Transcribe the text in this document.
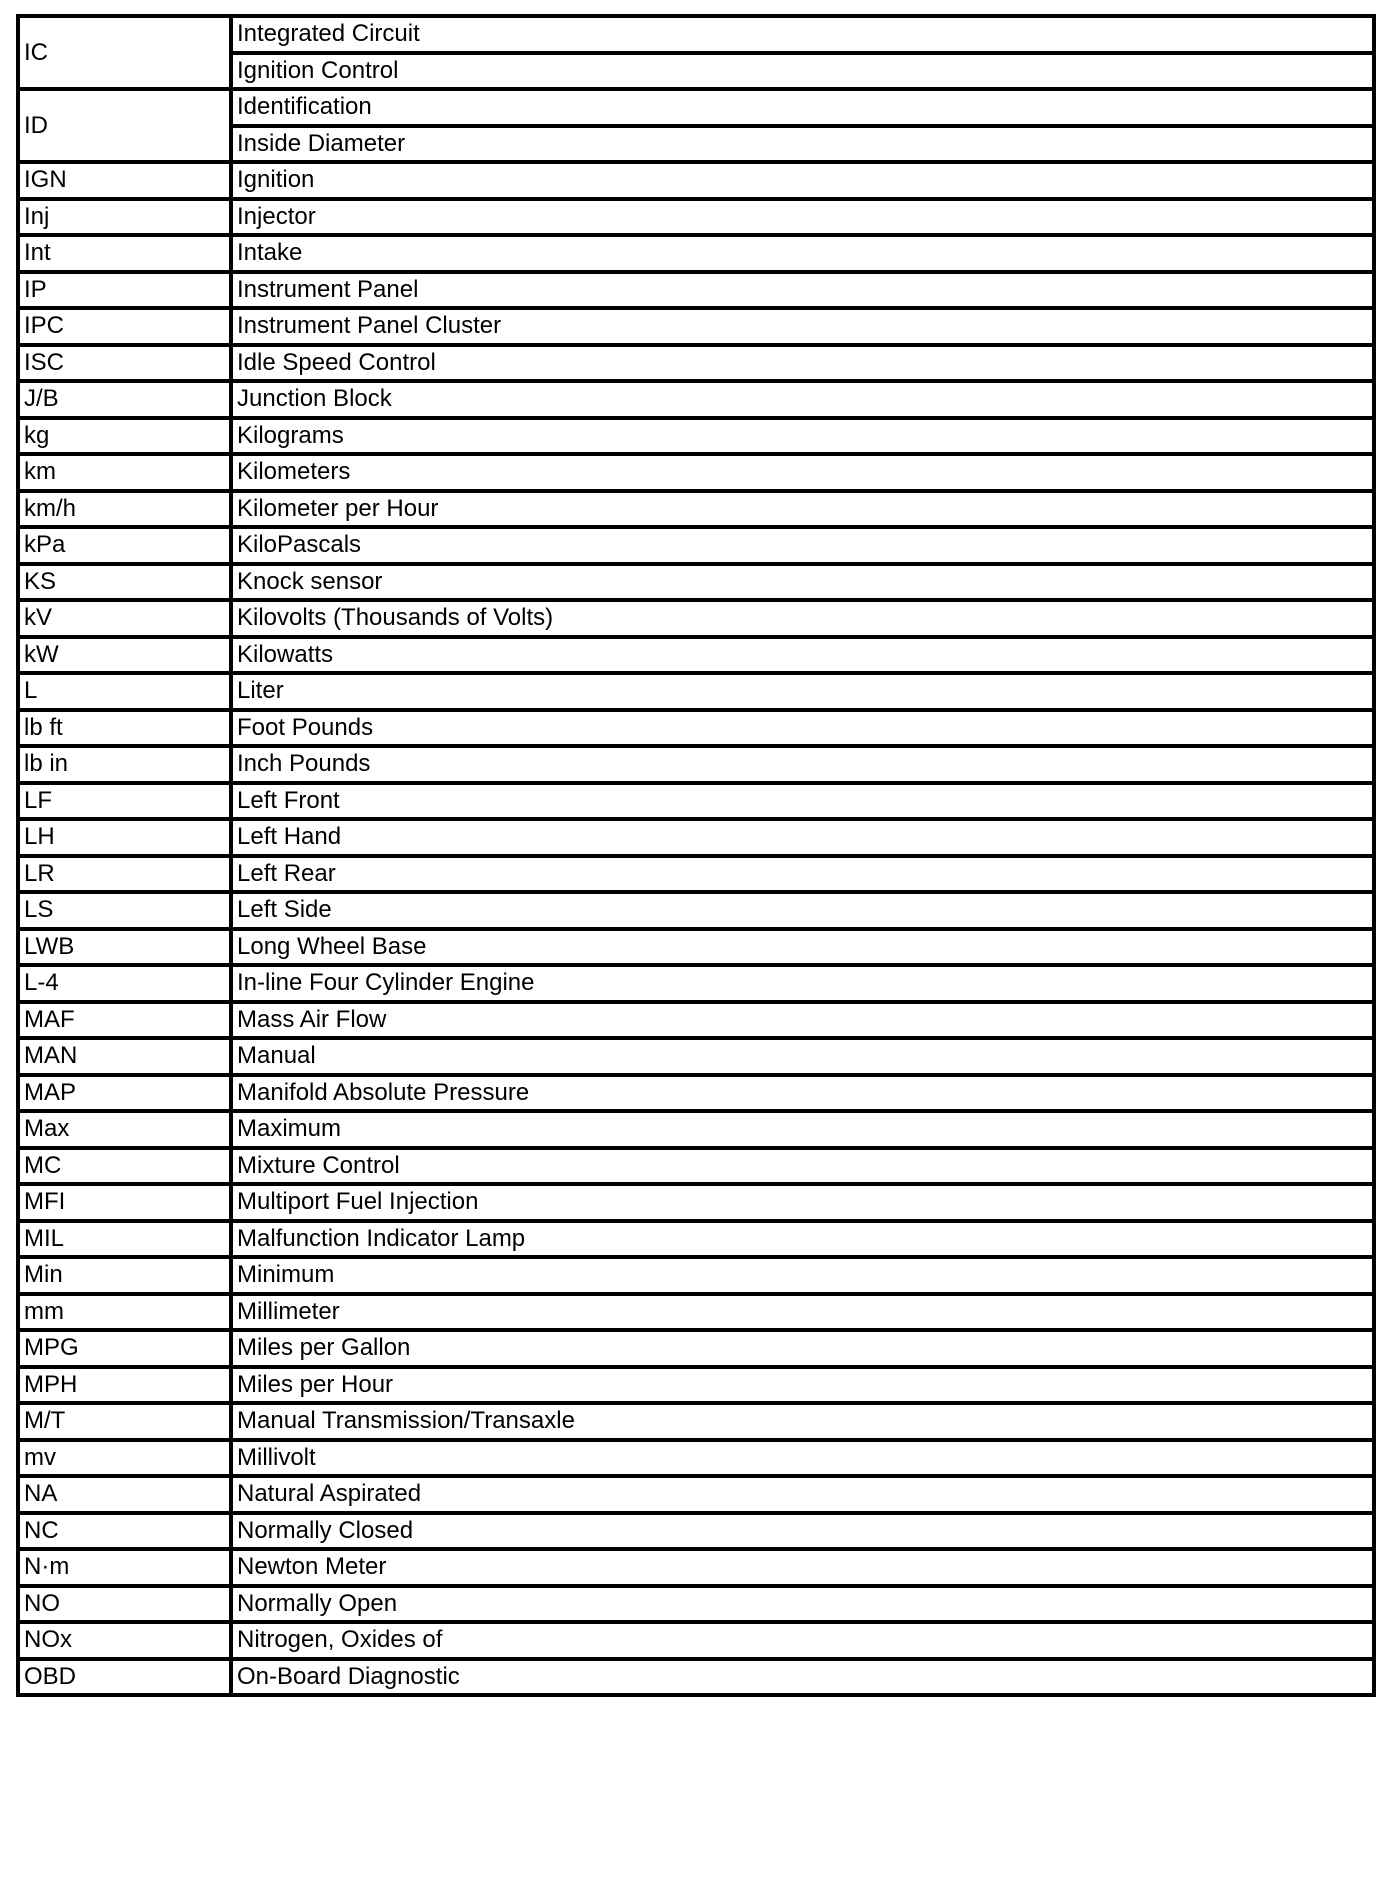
IC	Integrated Circuit
	Ignition Control
ID	Identification
	Inside Diameter
IGN	Ignition
Inj	Injector
Int	Intake
IP	Instrument Panel
IPC	Instrument Panel Cluster
ISC	Idle Speed Control
J/B	Junction Block
kg	Kilograms
km	Kilometers
km/h	Kilometer per Hour
kPa	KiloPascals
KS	Knock sensor
kV	Kilovolts (Thousands of Volts)
kW	Kilowatts
L	Liter
lb ft	Foot Pounds
lb in	Inch Pounds
LF	Left Front
LH	Left Hand
LR	Left Rear
LS	Left Side
LWB	Long Wheel Base
L-4	In-line Four Cylinder Engine
MAF	Mass Air Flow
MAN	Manual
MAP	Manifold Absolute Pressure
Max	Maximum
MC	Mixture Control
MFI	Multiport Fuel Injection
MIL	Malfunction Indicator Lamp
Min	Minimum
mm	Millimeter
MPG	Miles per Gallon
MPH	Miles per Hour
M/T	Manual Transmission/Transaxle
mv	Millivolt
NA	Natural Aspirated
NC	Normally Closed
N·m	Newton Meter
NO	Normally Open
NOx	Nitrogen, Oxides of
OBD	On-Board Diagnostic
